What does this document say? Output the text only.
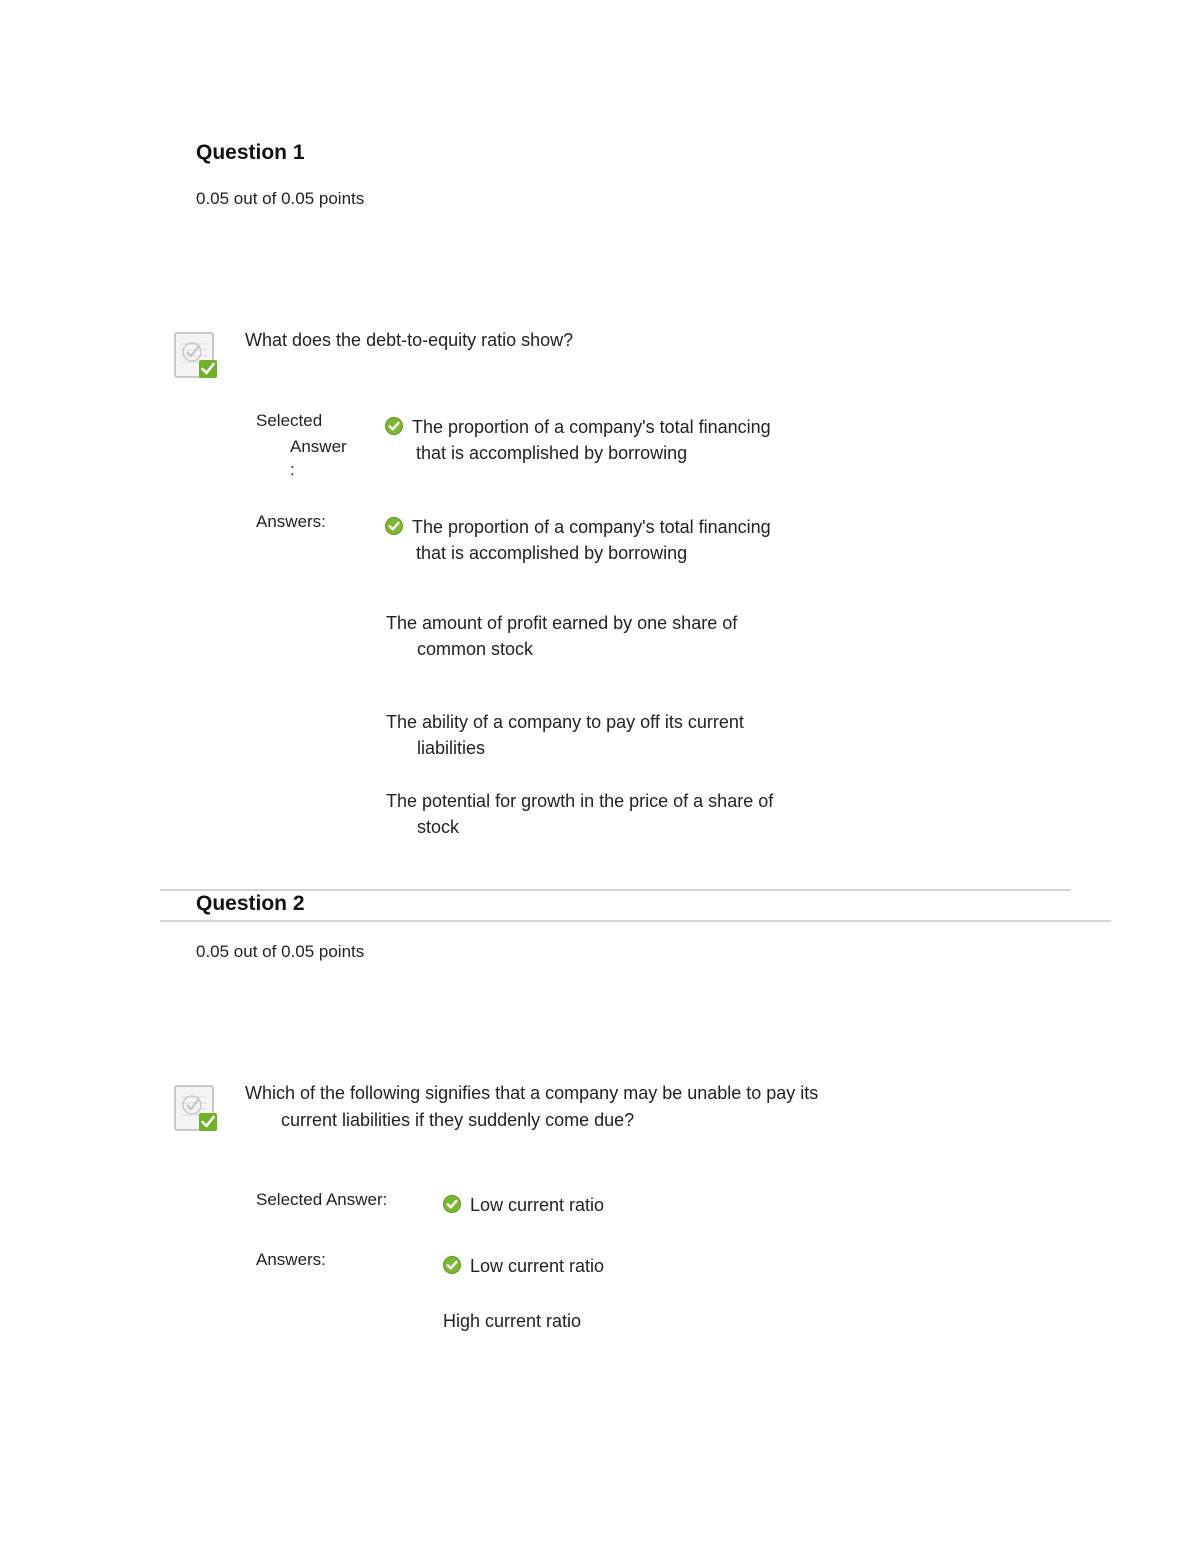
Question 1
0.05 out of 0.05 points
What does the debt-to-equity ratio show?
Selected
Answer
:
The proportion of a company's total financing
that is accomplished by borrowing
Answers:	The proportion of a company's total financing
that is accomplished by borrowing
The amount of profit earned by one share of
common stock
The ability of a company to pay off its current
liabilities
The potential for growth in the price of a share of
stock
Question 2
0.05 out of 0.05 points
Which of the following signifies that a company may be unable to pay its
current liabilities if they suddenly come due?
Selected Answer:	Low current ratio
Answers:	Low current ratio
High current ratio
